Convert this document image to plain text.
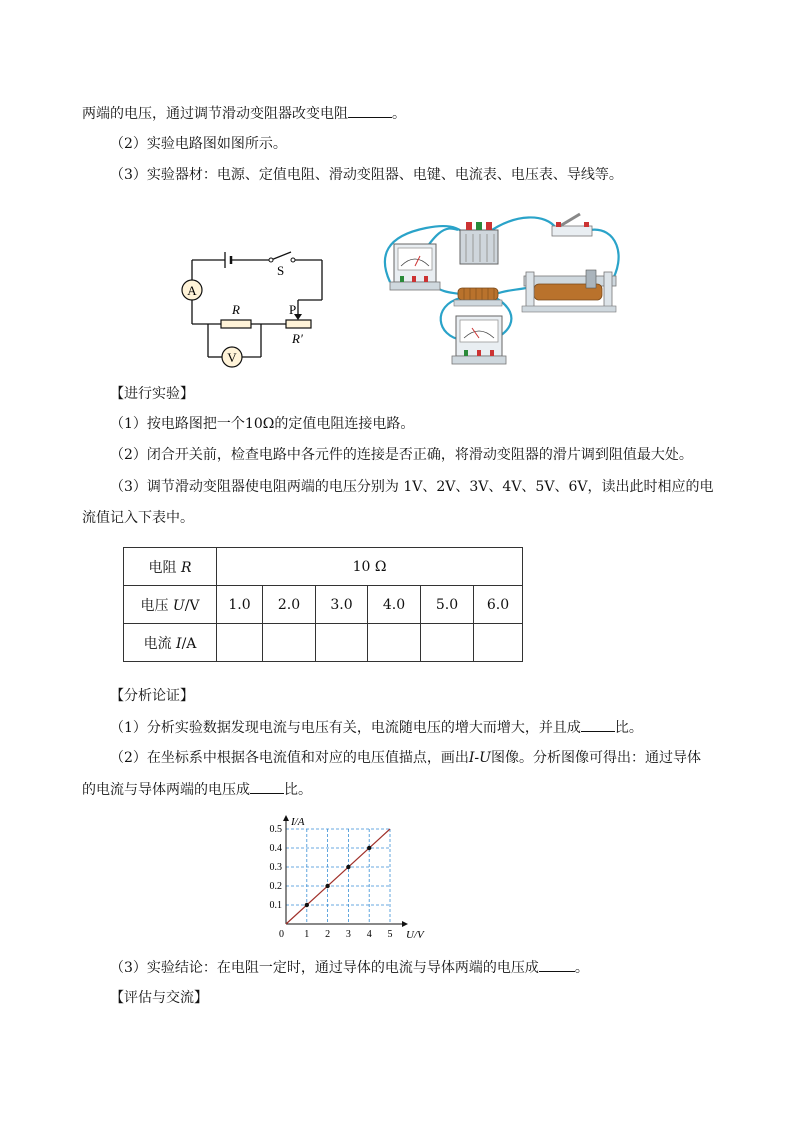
两端的电压，通过调节滑动变阻器改变电阻	。
（2）实验电路图如图所示。
（3）实验器材：电源、定值电阻、滑动变阻器、电键、电流表、电压表、导线等。
A
R	P
R′
S
V
【进行实验】
（1）按电路图把一个10Ω的定值电阻连接电路。
（2）闭合开关前，检查电路中各元件的连接是否正确，将滑动变阻器的滑片调到阻值最大处。
（3）调节滑动变阻器使电阻两端的电压分别为 1V、2V、3V、4V、5V、6V，读出此时相应的电
流值记入下表中。
电阻 R	10 Ω					
电压 U/V	1.0	2.0	3.0	4.0	5.0	6.0
电流 I/A						
【分析论证】
（1）分析实验数据发现电流与电压有关，电流随电压的增大而增大，并且成 比。
（2）在坐标系中根据各电流值和对应的电压值描点，画出I-U图像。分析图像可得出：通过导体
的电流与导体两端的电压成 比。
1 2 3 4 5
0.1
0.2
0.3
0.4
0.5
0	U/V
I/A
（3）实验结论：在电阻一定时，通过导体的电流与导体两端的电压成	。
【评估与交流】
